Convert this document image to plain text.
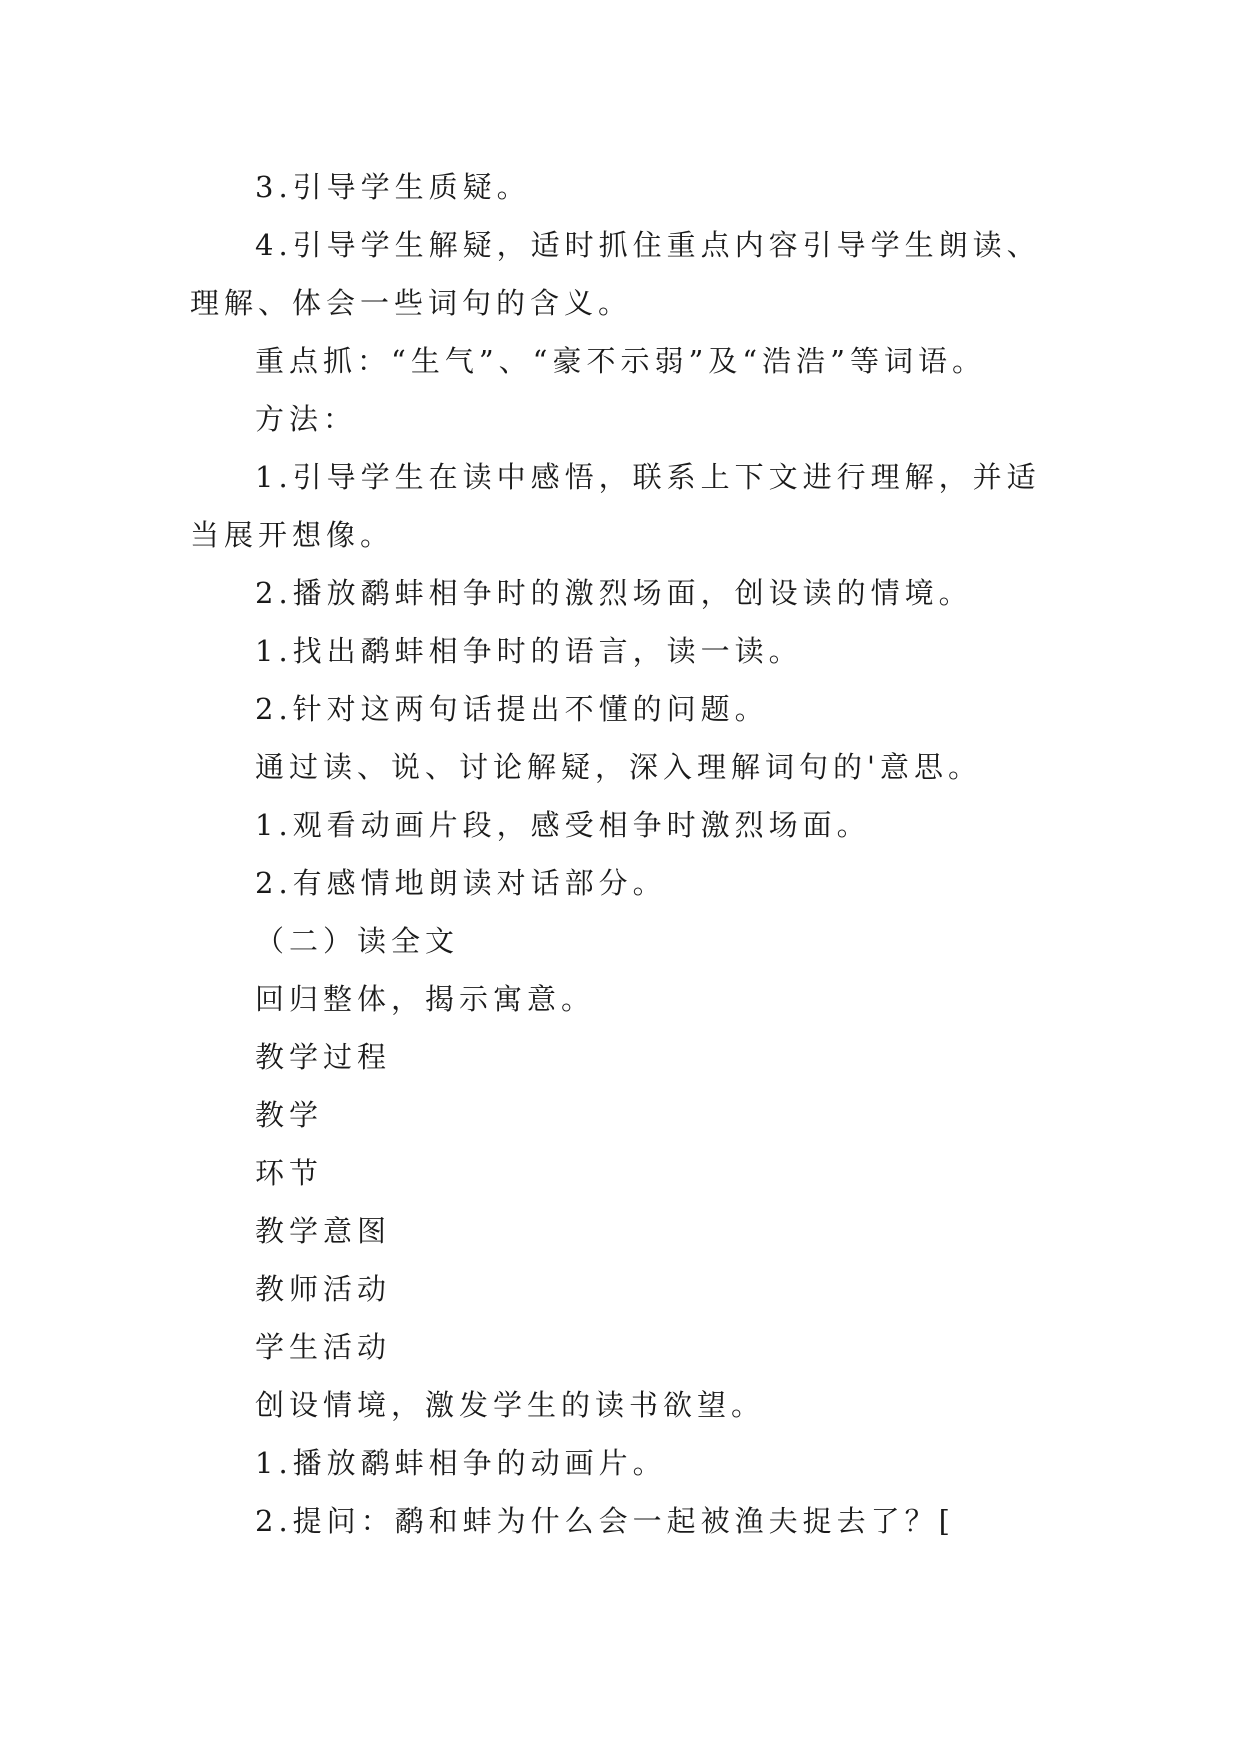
3.引导学生质疑。

4.引导学生解疑，适时抓住重点内容引导学生朗读、理解、体会一些词句的含义。

重点抓：“生气”、“豪不示弱”及“浩浩”等词语。

方法：

1.引导学生在读中感悟，联系上下文进行理解，并适当展开想像。

2.播放鹬蚌相争时的激烈场面，创设读的情境。

1.找出鹬蚌相争时的语言，读一读。

2.针对这两句话提出不懂的问题。

通过读、说、讨论解疑，深入理解词句的'意思。

1.观看动画片段，感受相争时激烈场面。

2.有感情地朗读对话部分。

（二）读全文

回归整体，揭示寓意。

教学过程

教学

环节

教学意图

教师活动

学生活动

创设情境，激发学生的读书欲望。

1.播放鹬蚌相争的动画片。

2.提问：鹬和蚌为什么会一起被渔夫捉去了？[
